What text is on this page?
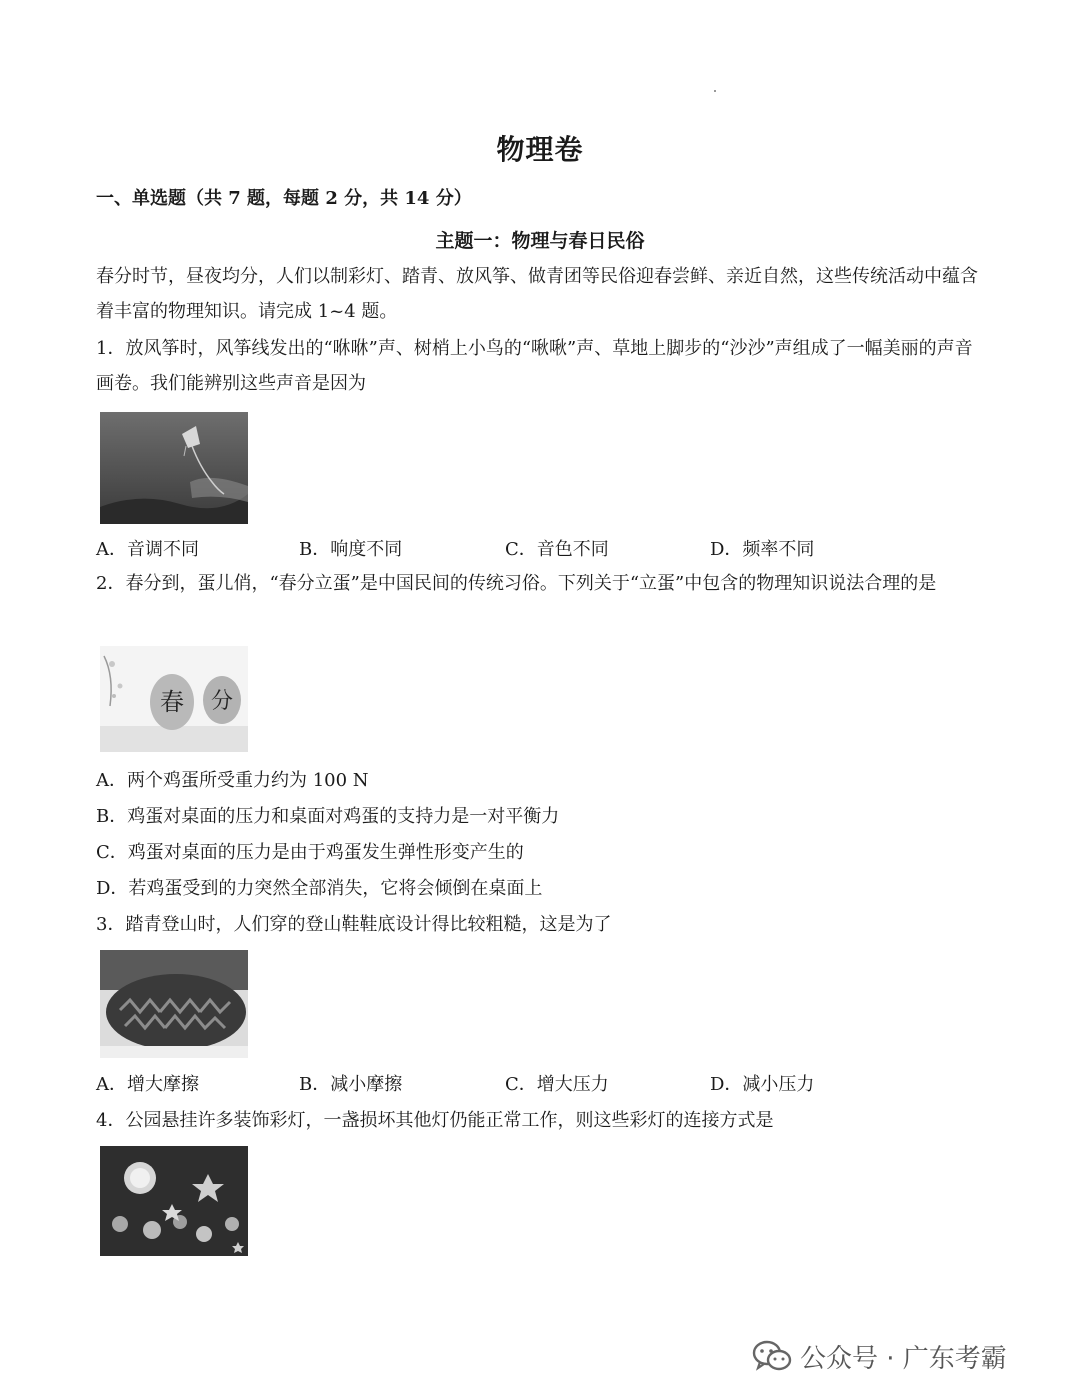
物理卷
一、单选题（共 7 题，每题 2 分，共 14 分）
主题一：物理与春日民俗
春分时节，昼夜均分，人们以制彩灯、踏青、放风筝、做青团等民俗迎春尝鲜、亲近自然，这些传统活动中蕴含着丰富的物理知识。请完成 1~4 题。
1．放风筝时，风筝线发出的“咻咻”声、树梢上小鸟的“啾啾”声、草地上脚步的“沙沙”声组成了一幅美丽的声音画卷。我们能辨别这些声音是因为
A．音调不同	B．响度不同	C．音色不同	D．频率不同
2．春分到，蛋儿俏，“春分立蛋”是中国民间的传统习俗。下列关于“立蛋”中包含的物理知识说法合理的是
春 分
A．两个鸡蛋所受重力约为 100 N
B．鸡蛋对桌面的压力和桌面对鸡蛋的支持力是一对平衡力
C．鸡蛋对桌面的压力是由于鸡蛋发生弹性形变产生的
D．若鸡蛋受到的力突然全部消失，它将会倾倒在桌面上
3．踏青登山时，人们穿的登山鞋鞋底设计得比较粗糙，这是为了
A．增大摩擦	B．减小摩擦	C．增大压力	D．减小压力
4．公园悬挂许多装饰彩灯，一盏损坏其他灯仍能正常工作，则这些彩灯的连接方式是
公众号 · 广东考霸
